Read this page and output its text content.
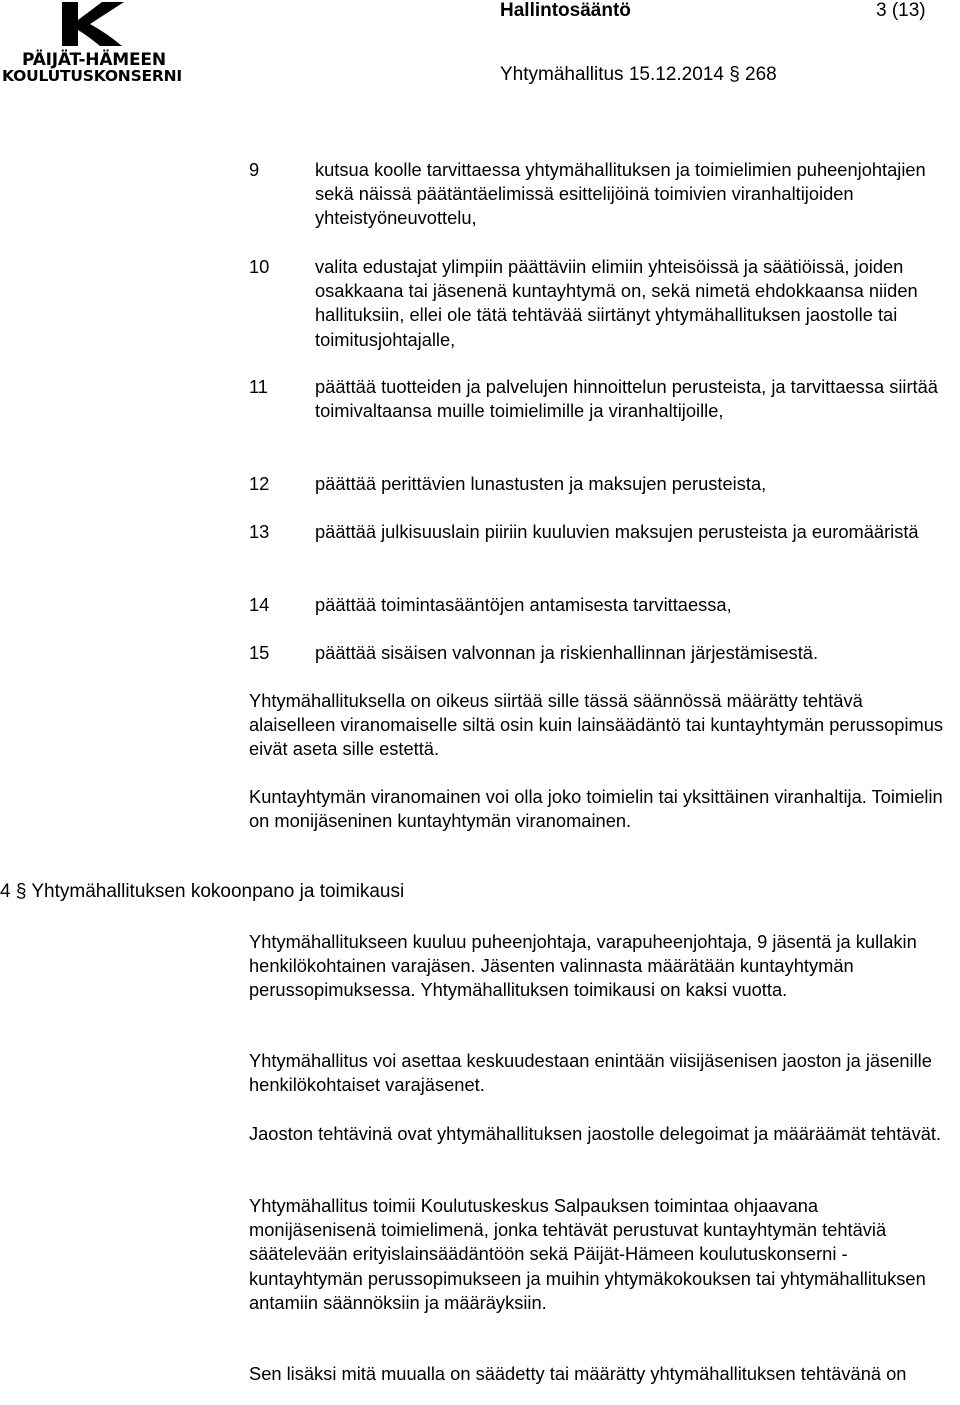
PÄIJÄT-HÄMEEN
KOULUTUSKONSERNI
Hallintosääntö	3 (13)
Yhtymähallitus 15.12.2014 § 268
9	kutsua koolle tarvittaessa yhtymähallituksen ja toimielimien puheenjohtajien sekä näissä päätäntäelimissä esittelijöinä toimivien viranhaltijoiden yhteistyöneuvottelu,
10 valita edustajat ylimpiin päättäviin elimiin yhteisöissä ja säätiöissä, joiden osakkaana tai jäsenenä kuntayhtymä on, sekä nimetä ehdokkaansa niiden hallituksiin, ellei ole tätä tehtävää siirtänyt yhtymähallituksen jaostolle tai toimitusjohtajalle,
11	päättää tuotteiden ja palvelujen hinnoittelun perusteista, ja tarvittaessa siirtää toimivaltaansa muille toimielimille ja viranhaltijoille,
12 päättää perittävien lunastusten ja maksujen perusteista,
13 päättää julkisuuslain piiriin kuuluvien maksujen perusteista ja euromääristä
14 päättää toimintasääntöjen antamisesta tarvittaessa,
15 päättää sisäisen valvonnan ja riskienhallinnan järjestämisestä.
Yhtymähallituksella on oikeus siirtää sille tässä säännössä määrätty tehtävä alaiselleen viranomaiselle siltä osin kuin lainsäädäntö tai kuntayhtymän perussopimus eivät aseta sille estettä.
Kuntayhtymän viranomainen voi olla joko toimielin tai yksittäinen viranhaltija. Toimielin on monijäseninen kuntayhtymän viranomainen.
4 § Yhtymähallituksen kokoonpano ja toimikausi
Yhtymähallitukseen kuuluu puheenjohtaja, varapuheenjohtaja, 9 jäsentä ja kullakin henkilökohtainen varajäsen. Jäsenten valinnasta määrätään kuntayhtymän perussopimuksessa. Yhtymähallituksen toimikausi on kaksi vuotta.
Yhtymähallitus voi asettaa keskuudestaan enintään viisijäsenisen jaoston ja jäsenille henkilökohtaiset varajäsenet.
Jaoston tehtävinä ovat yhtymähallituksen jaostolle delegoimat ja määräämät tehtävät.
Yhtymähallitus toimii Koulutuskeskus Salpauksen toimintaa ohjaavana monijäsenisenä toimielimenä, jonka tehtävät perustuvat kuntayhtymän tehtäviä säätelevään erityislainsäädäntöön sekä Päijät-Hämeen koulutuskonserni -kuntayhtymän perussopimukseen ja muihin yhtymäkokouksen tai yhtymähallituksen antamiin säännöksiin ja määräyksiin.
Sen lisäksi mitä muualla on säädetty tai määrätty yhtymähallituksen tehtävänä on
